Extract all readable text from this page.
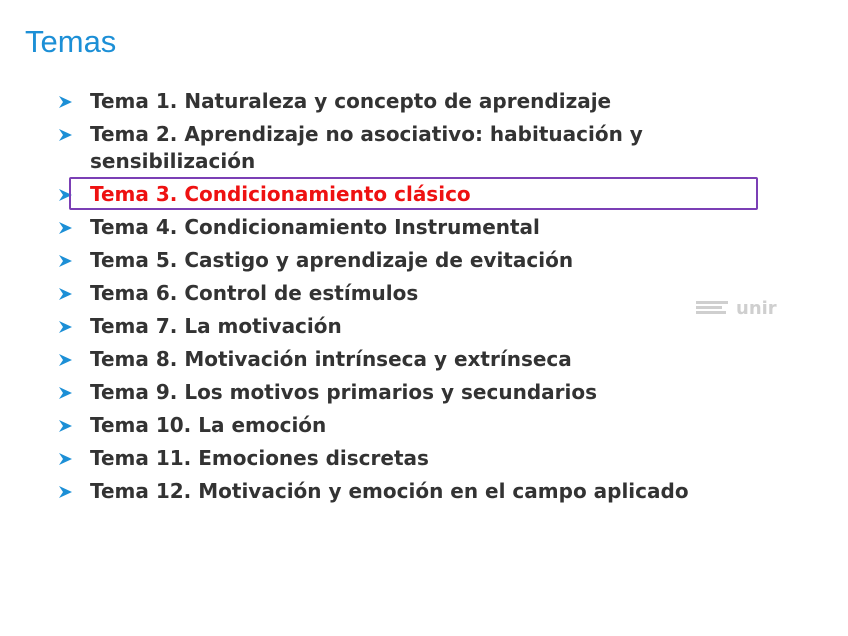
Temas
Tema 1. Naturaleza y concepto de aprendizaje
Tema 2. Aprendizaje no asociativo: habituación y sensibilización
Tema 3. Condicionamiento clásico
Tema 4. Condicionamiento Instrumental
Tema 5. Castigo y aprendizaje de evitación
Tema 6. Control de estímulos
Tema 7. La motivación
Tema 8. Motivación intrínseca y extrínseca
Tema 9. Los motivos primarios y secundarios
Tema 10. La emoción
Tema 11. Emociones discretas
Tema 12. Motivación y emoción en el campo aplicado
unir
